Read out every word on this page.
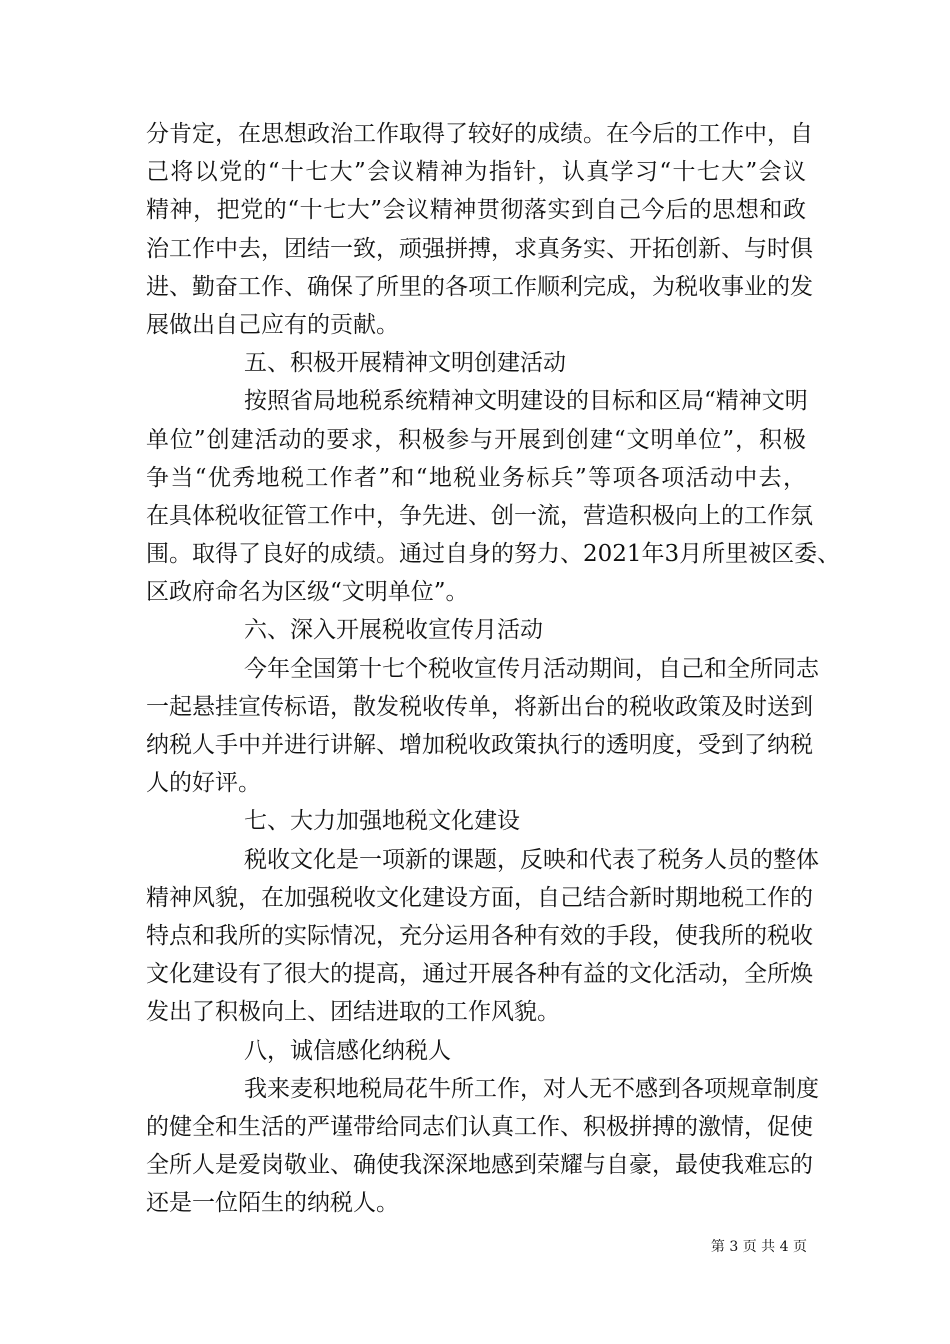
分肯定，在思想政治工作取得了较好的成绩。在今后的工作中，自
己将以党的“十七大”会议精神为指针，认真学习“十七大”会议
精神，把党的“十七大”会议精神贯彻落实到自己今后的思想和政
治工作中去，团结一致，顽强拼搏，求真务实、开拓创新、与时俱
进、勤奋工作、确保了所里的各项工作顺利完成，为税收事业的发
展做出自己应有的贡献。
五、积极开展精神文明创建活动
按照省局地税系统精神文明建设的目标和区局“精神文明
单位”创建活动的要求，积极参与开展到创建“文明单位”，积极
争当“优秀地税工作者”和“地税业务标兵”等项各项活动中去，
在具体税收征管工作中，争先进、创一流，营造积极向上的工作氛
围。取得了良好的成绩。通过自身的努力、2021年3月所里被区委、
区政府命名为区级“文明单位”。
六、深入开展税收宣传月活动
今年全国第十七个税收宣传月活动期间，自己和全所同志
一起悬挂宣传标语，散发税收传单，将新出台的税收政策及时送到
纳税人手中并进行讲解、增加税收政策执行的透明度，受到了纳税
人的好评。
七、大力加强地税文化建设
税收文化是一项新的课题，反映和代表了税务人员的整体
精神风貌，在加强税收文化建设方面，自己结合新时期地税工作的
特点和我所的实际情况，充分运用各种有效的手段，使我所的税收
文化建设有了很大的提高，通过开展各种有益的文化活动，全所焕
发出了积极向上、团结进取的工作风貌。
八，诚信感化纳税人
我来麦积地税局花牛所工作，对人无不感到各项规章制度
的健全和生活的严谨带给同志们认真工作、积极拼搏的激情，促使
全所人是爱岗敬业、确使我深深地感到荣耀与自豪，最使我难忘的
还是一位陌生的纳税人。
第 3 页 共 4 页
